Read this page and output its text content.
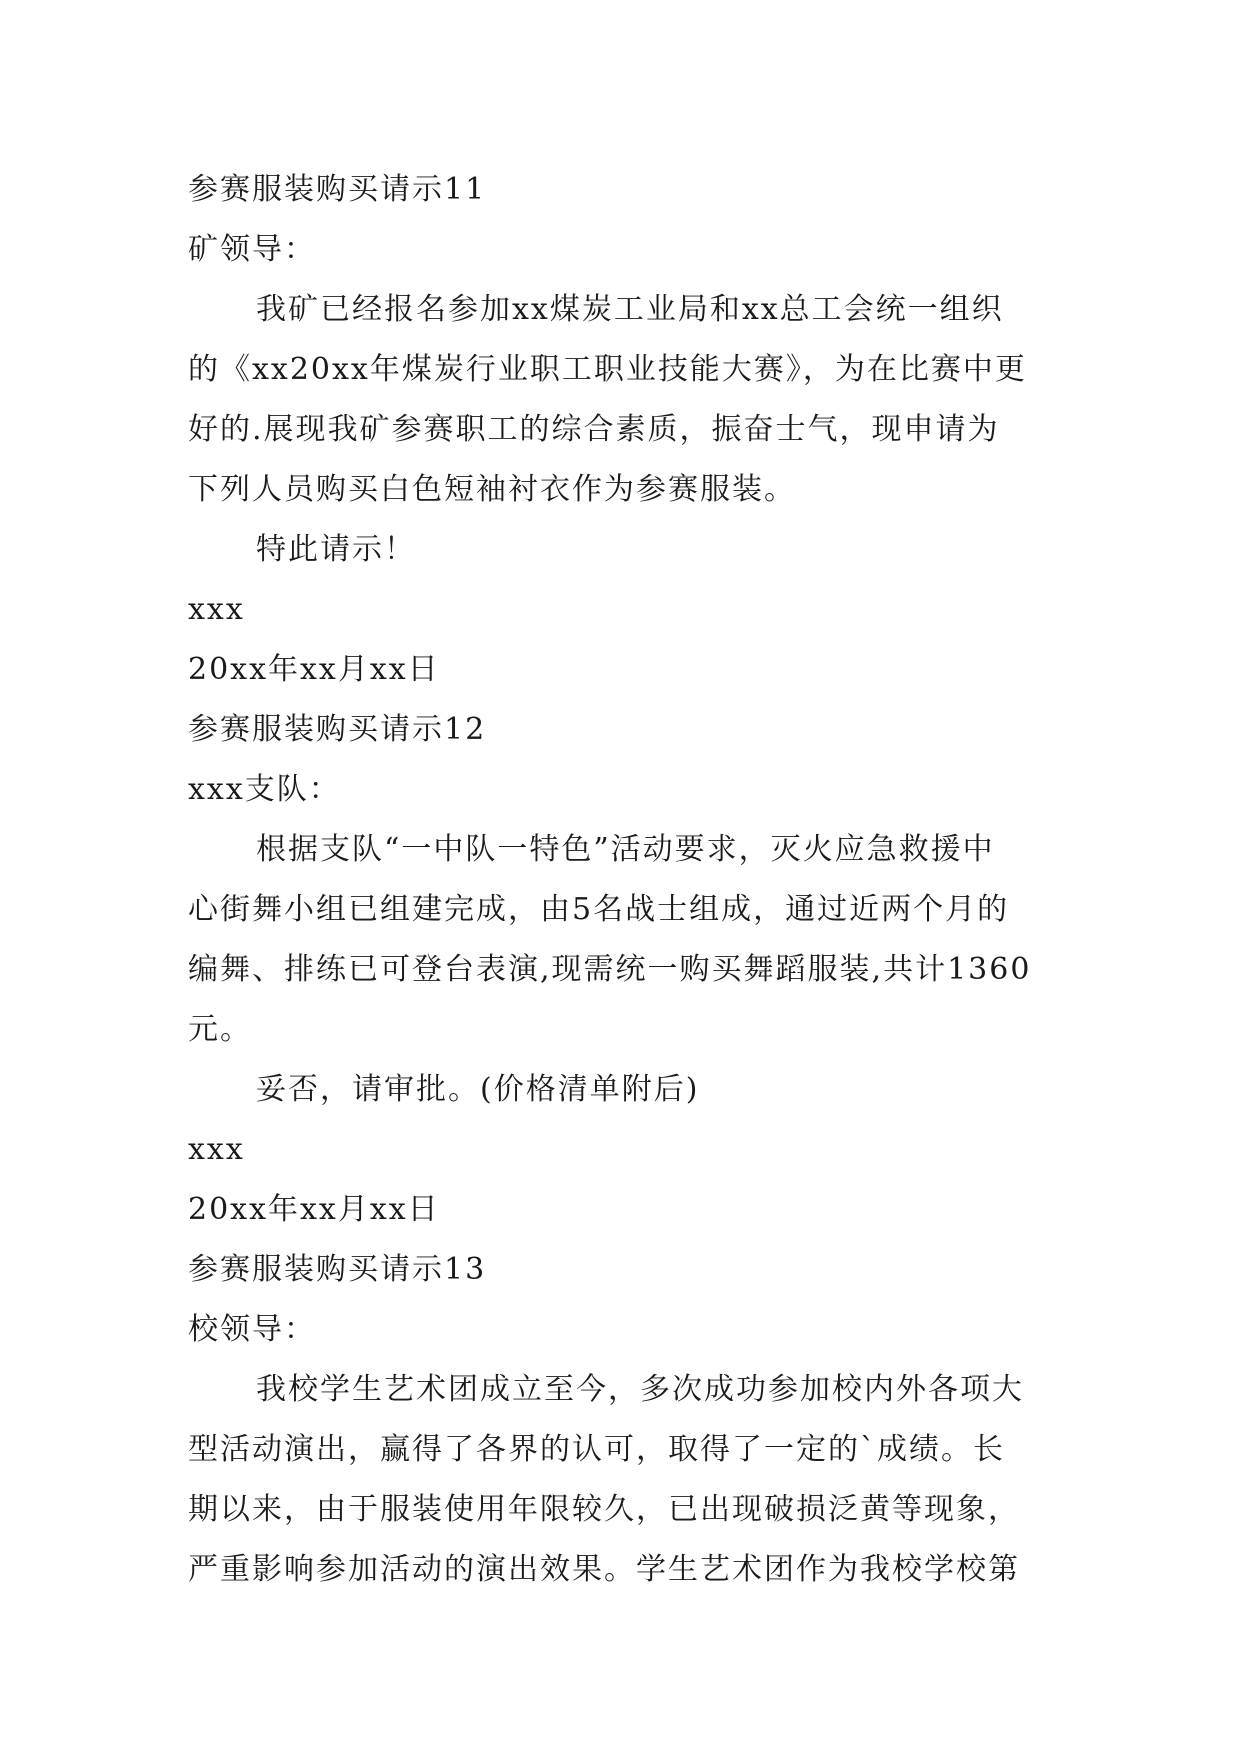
参赛服装购买请示11

矿领导：

我矿已经报名参加xx煤炭工业局和xx总工会统一组织
的《xx20xx年煤炭行业职工职业技能大赛》，为在比赛中更
好的.展现我矿参赛职工的综合素质，振奋士气，现申请为
下列人员购买白色短袖衬衣作为参赛服装。

特此请示！

xxx

20xx年xx月xx日

参赛服装购买请示12

xxx支队：

根据支队“一中队一特色”活动要求，灭火应急救援中
心街舞小组已组建完成，由5名战士组成，通过近两个月的
编舞、排练已可登台表演,现需统一购买舞蹈服装,共计1360
元。

妥否，请审批。(价格清单附后)

xxx

20xx年xx月xx日

参赛服装购买请示13

校领导：

我校学生艺术团成立至今，多次成功参加校内外各项大
型活动演出，赢得了各界的认可，取得了一定的`成绩。长
期以来，由于服装使用年限较久，已出现破损泛黄等现象，
严重影响参加活动的演出效果。学生艺术团作为我校学校第
